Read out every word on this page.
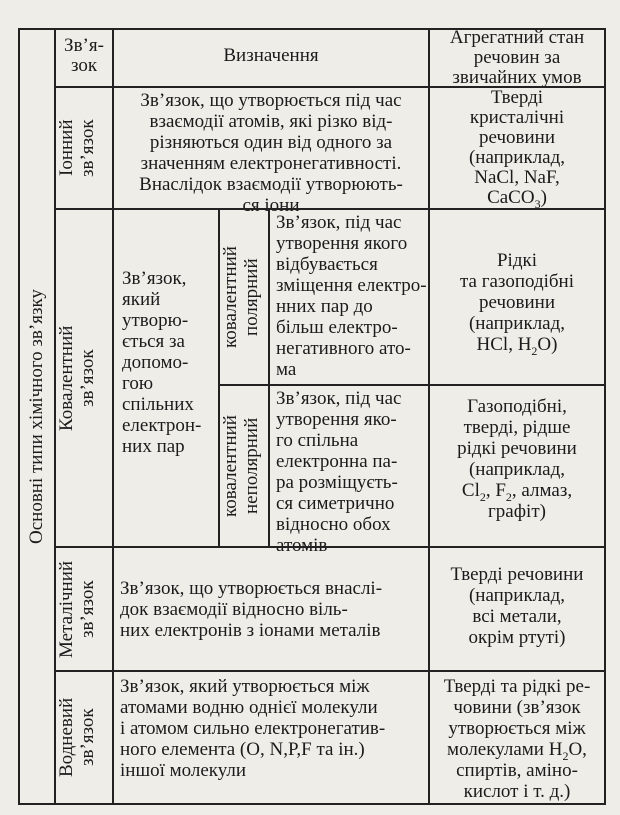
Основні типи хімічного зв’язку
Зв’я-
зок	Визначення
Агрегатний стан
речовин за
звичайних умов
Іонний
зв’язок
Зв’язок, що утворюється під час
взаємодії атомів, які різко від-
різняються один від одного за
значенням електронегативності.
Внаслідок взаємодії утворюють-
ся іони
Тверді
кристалічні
речовини
(наприклад,
NaCl, NaF,
CaCO$_3$)
Ковалентний
зв’язок
Зв’язок,
який
утворю-
ється за
допомо-
гою
спільних
електрон-
них пар
ковалентний
полярний
Зв’язок, під час
утворення якого
відбувається
зміщення електро-
нних пар до
більш електро-
негативного ато-
ма
Рідкі
та газоподібні
речовини
(наприклад,
HCl, $H_2O$)
ковалентний
неполярний
Зв’язок, під час
утворення яко-
го спільна
електронна па-
ра розміщуєть-
ся симетрично
відносно обох
атомів
Газоподібні,
тверді, рідше
рідкі речовини
(наприклад,
$Cl_2$, $F_2$, алмаз,
графіт)
Металічний
зв’язок	Зв’язок, що утворюється внаслі-
док взаємодії відносно віль-
них електронів з іонами металів
Тверді речовини
(наприклад,
всі метали,
окрім ртуті)
Водневий
зв’язок
Зв’язок, який утворюється між
атомами водню однієї молекули
і атомом сильно електронегатив-
ного елемента (O, N,P,F та ін.)
іншої молекули
Тверді та рідкі ре-
човини (зв’язок
утворюється між
молекулами $H_2O$,
спиртів, аміно-
кислот і т. д.)
